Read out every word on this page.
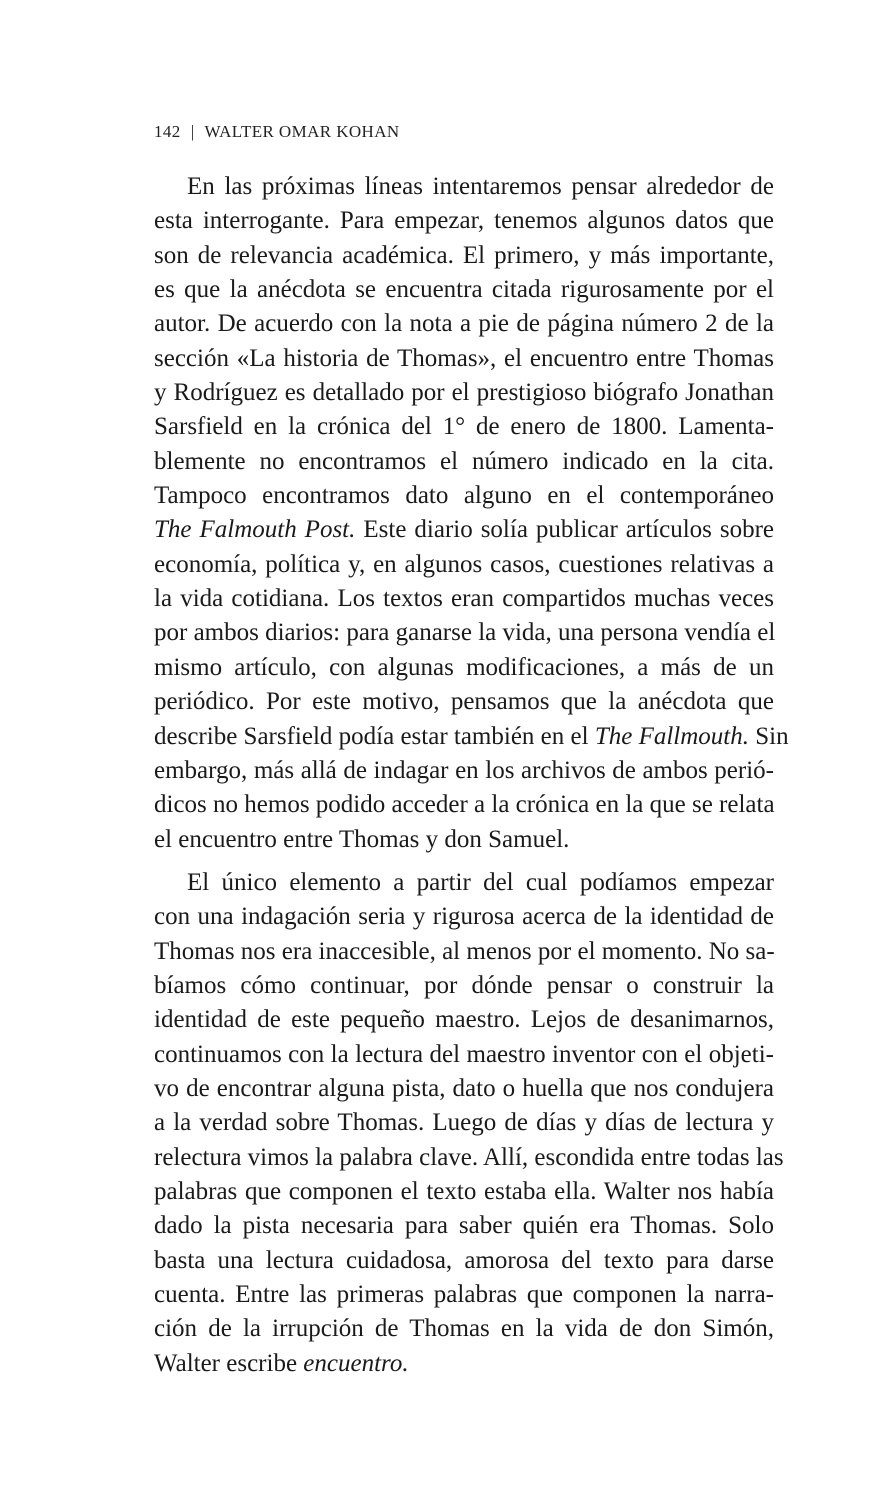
142 | WALTER OMAR KOHAN
En las próximas líneas intentaremos pensar alrededor de
esta interrogante. Para empezar, tenemos algunos datos que
son de relevancia académica. El primero, y más importante,
es que la anécdota se encuentra citada rigurosamente por el
autor. De acuerdo con la nota a pie de página número 2 de la
sección «La historia de Thomas», el encuentro entre Thomas
y Rodríguez es detallado por el prestigioso biógrafo Jonathan
Sarsfield en la crónica del 1° de enero de 1800. Lamenta-
blemente no encontramos el número indicado en la cita.
Tampoco encontramos dato alguno en el contemporáneo
The Falmouth Post. Este diario solía publicar artículos sobre
economía, política y, en algunos casos, cuestiones relativas a
la vida cotidiana. Los textos eran compartidos muchas veces
por ambos diarios: para ganarse la vida, una persona vendía el
mismo artículo, con algunas modificaciones, a más de un
periódico. Por este motivo, pensamos que la anécdota que
describe Sarsfield podía estar también en el The Fallmouth. Sin
embargo, más allá de indagar en los archivos de ambos perió-
dicos no hemos podido acceder a la crónica en la que se relata
el encuentro entre Thomas y don Samuel.
El único elemento a partir del cual podíamos empezar
con una indagación seria y rigurosa acerca de la identidad de
Thomas nos era inaccesible, al menos por el momento. No sa-
bíamos cómo continuar, por dónde pensar o construir la
identidad de este pequeño maestro. Lejos de desanimarnos,
continuamos con la lectura del maestro inventor con el objeti-
vo de encontrar alguna pista, dato o huella que nos condujera
a la verdad sobre Thomas. Luego de días y días de lectura y
relectura vimos la palabra clave. Allí, escondida entre todas las
palabras que componen el texto estaba ella. Walter nos había
dado la pista necesaria para saber quién era Thomas. Solo
basta una lectura cuidadosa, amorosa del texto para darse
cuenta. Entre las primeras palabras que componen la narra-
ción de la irrupción de Thomas en la vida de don Simón,
Walter escribe encuentro.
